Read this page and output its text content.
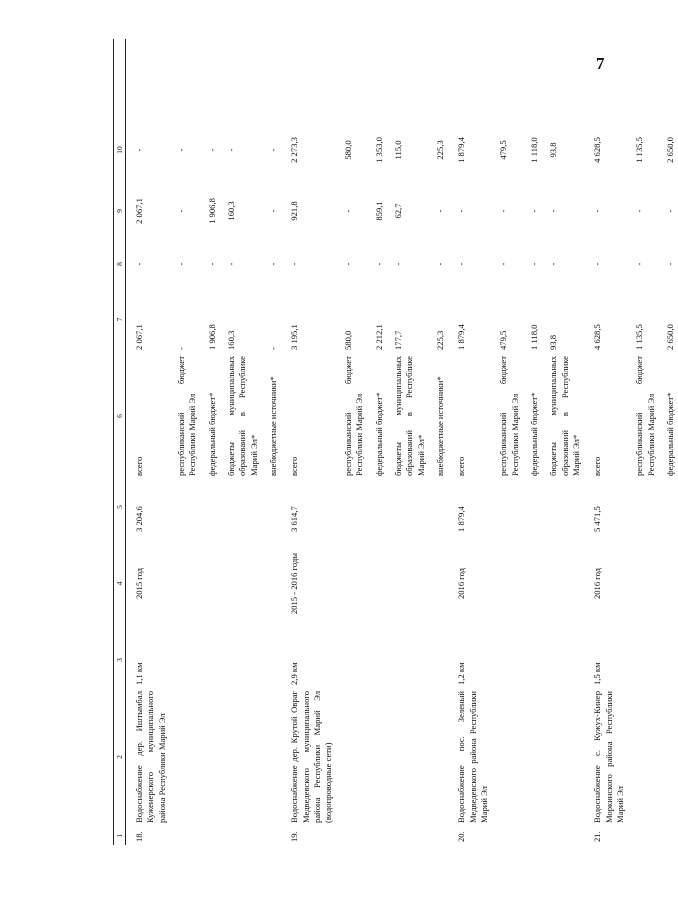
7
1	2	3	4	5	6	7	8	9	10	
18.	Водоснабжение дер. Иштымбал Куженерского муниципального района Республики Марий Эл	1,1 км	2015 год	3 204,6	всего	2 067,1	-	2 067,1	-	
					республиканский бюджет Республики Марий Эл	-	-	-	-	
					федеральный бюджет*	1 906,8	-	1 906,8	-	
					бюджеты муниципальных образований в Республике Марий Эл*	160,3	-	160,3	-	
					внебюджетные источники*	-	-	-	-	
19.	Водоснабжение дер. Крутой Овраг Медведевского муниципального района Республики Марий Эл (водопроводные сети)	2,9 км	2015 - 2016 годы	3 614,7	всего	3 195,1	-	921,8	2 273,3	
					республиканский бюджет Республики Марий Эл	580,0	-	-	580,0	
					федеральный бюджет*	2 212,1	-	859,1	1 353,0	
					бюджеты муниципальных образований в Республике Марий Эл*	177,7	-	62,7	115,0	
					внебюджетные источники*	225,3	-	-	225,3	
20.	Водоснабжение пос. Зеленый Медведевского района Республики Марий Эл	1,2 км	2016 год	1 879,4	всего	1 879,4	-	-	1 879,4	
					республиканский бюджет Республики Марий Эл	479,5	-	-	479,5	
					федеральный бюджет*	1 118,0	-	-	1 118,0	
					бюджеты муниципальных образований в Республике Марий Эл*	93,8	-	-	93,8	
21.	Водоснабжение с. Кужух-Кинер Моркинского района Республики Марий Эл	1,5 км	2016 год	5 471,5	всего	4 628,5	-	-	4 628,5	
					республиканский бюджет Республики Марий Эл	1 135,5	-	-	1 135,5	
					федеральный бюджет*	2 650,0	-	-	2 650,0	
